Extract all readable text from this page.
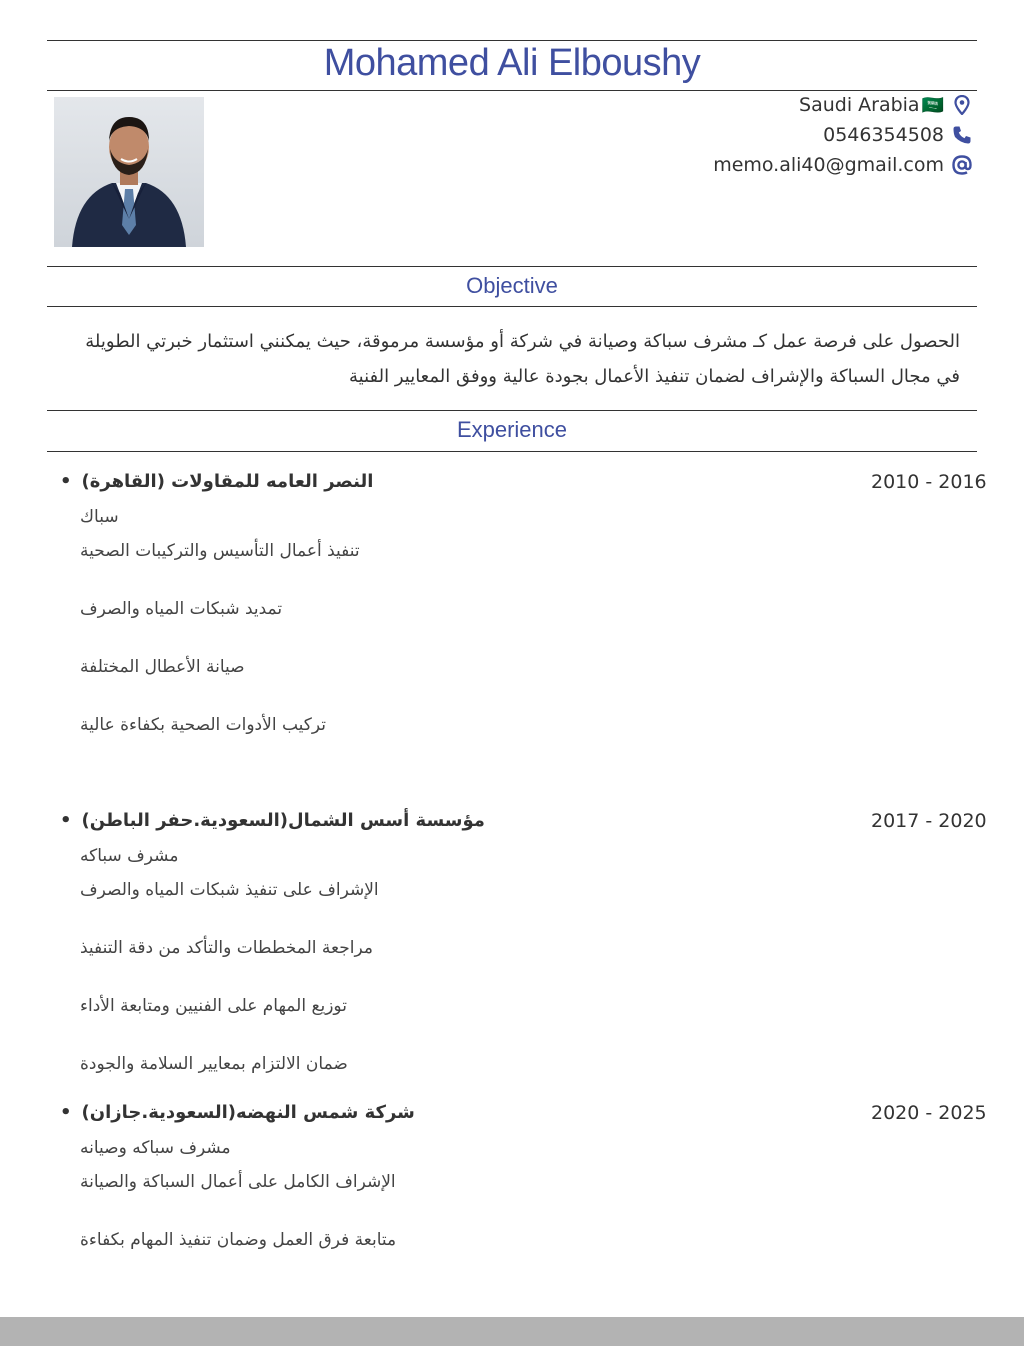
Mohamed Ali Elboushy
Saudi Arabia 🇸🇦
0546354508
memo.ali40@gmail.com
Objective
الحصول على فرصة عمل كـ مشرف سباكة وصيانة في شركة أو مؤسسة مرموقة، حيث يمكنني استثمار خبرتي الطويلة في مجال السباكة والإشراف لضمان تنفيذ الأعمال بجودة عالية ووفق المعايير الفنية
Experience
2010 - 2016
• النصر العامه للمقاولات (القاهرة)
سباك
تنفيذ أعمال التأسيس والتركيبات الصحية
تمديد شبكات المياه والصرف
صيانة الأعطال المختلفة
تركيب الأدوات الصحية بكفاءة عالية
2017 - 2020
• مؤسسة أسس الشمال(السعودية.حفر الباطن)
مشرف سباكه
الإشراف على تنفيذ شبكات المياه والصرف
مراجعة المخططات والتأكد من دقة التنفيذ
توزيع المهام على الفنيين ومتابعة الأداء
ضمان الالتزام بمعايير السلامة والجودة
2020 - 2025
• شركة شمس النهضه(السعودية.جازان)
مشرف سباكه وصيانه
الإشراف الكامل على أعمال السباكة والصيانة
متابعة فرق العمل وضمان تنفيذ المهام بكفاءة
